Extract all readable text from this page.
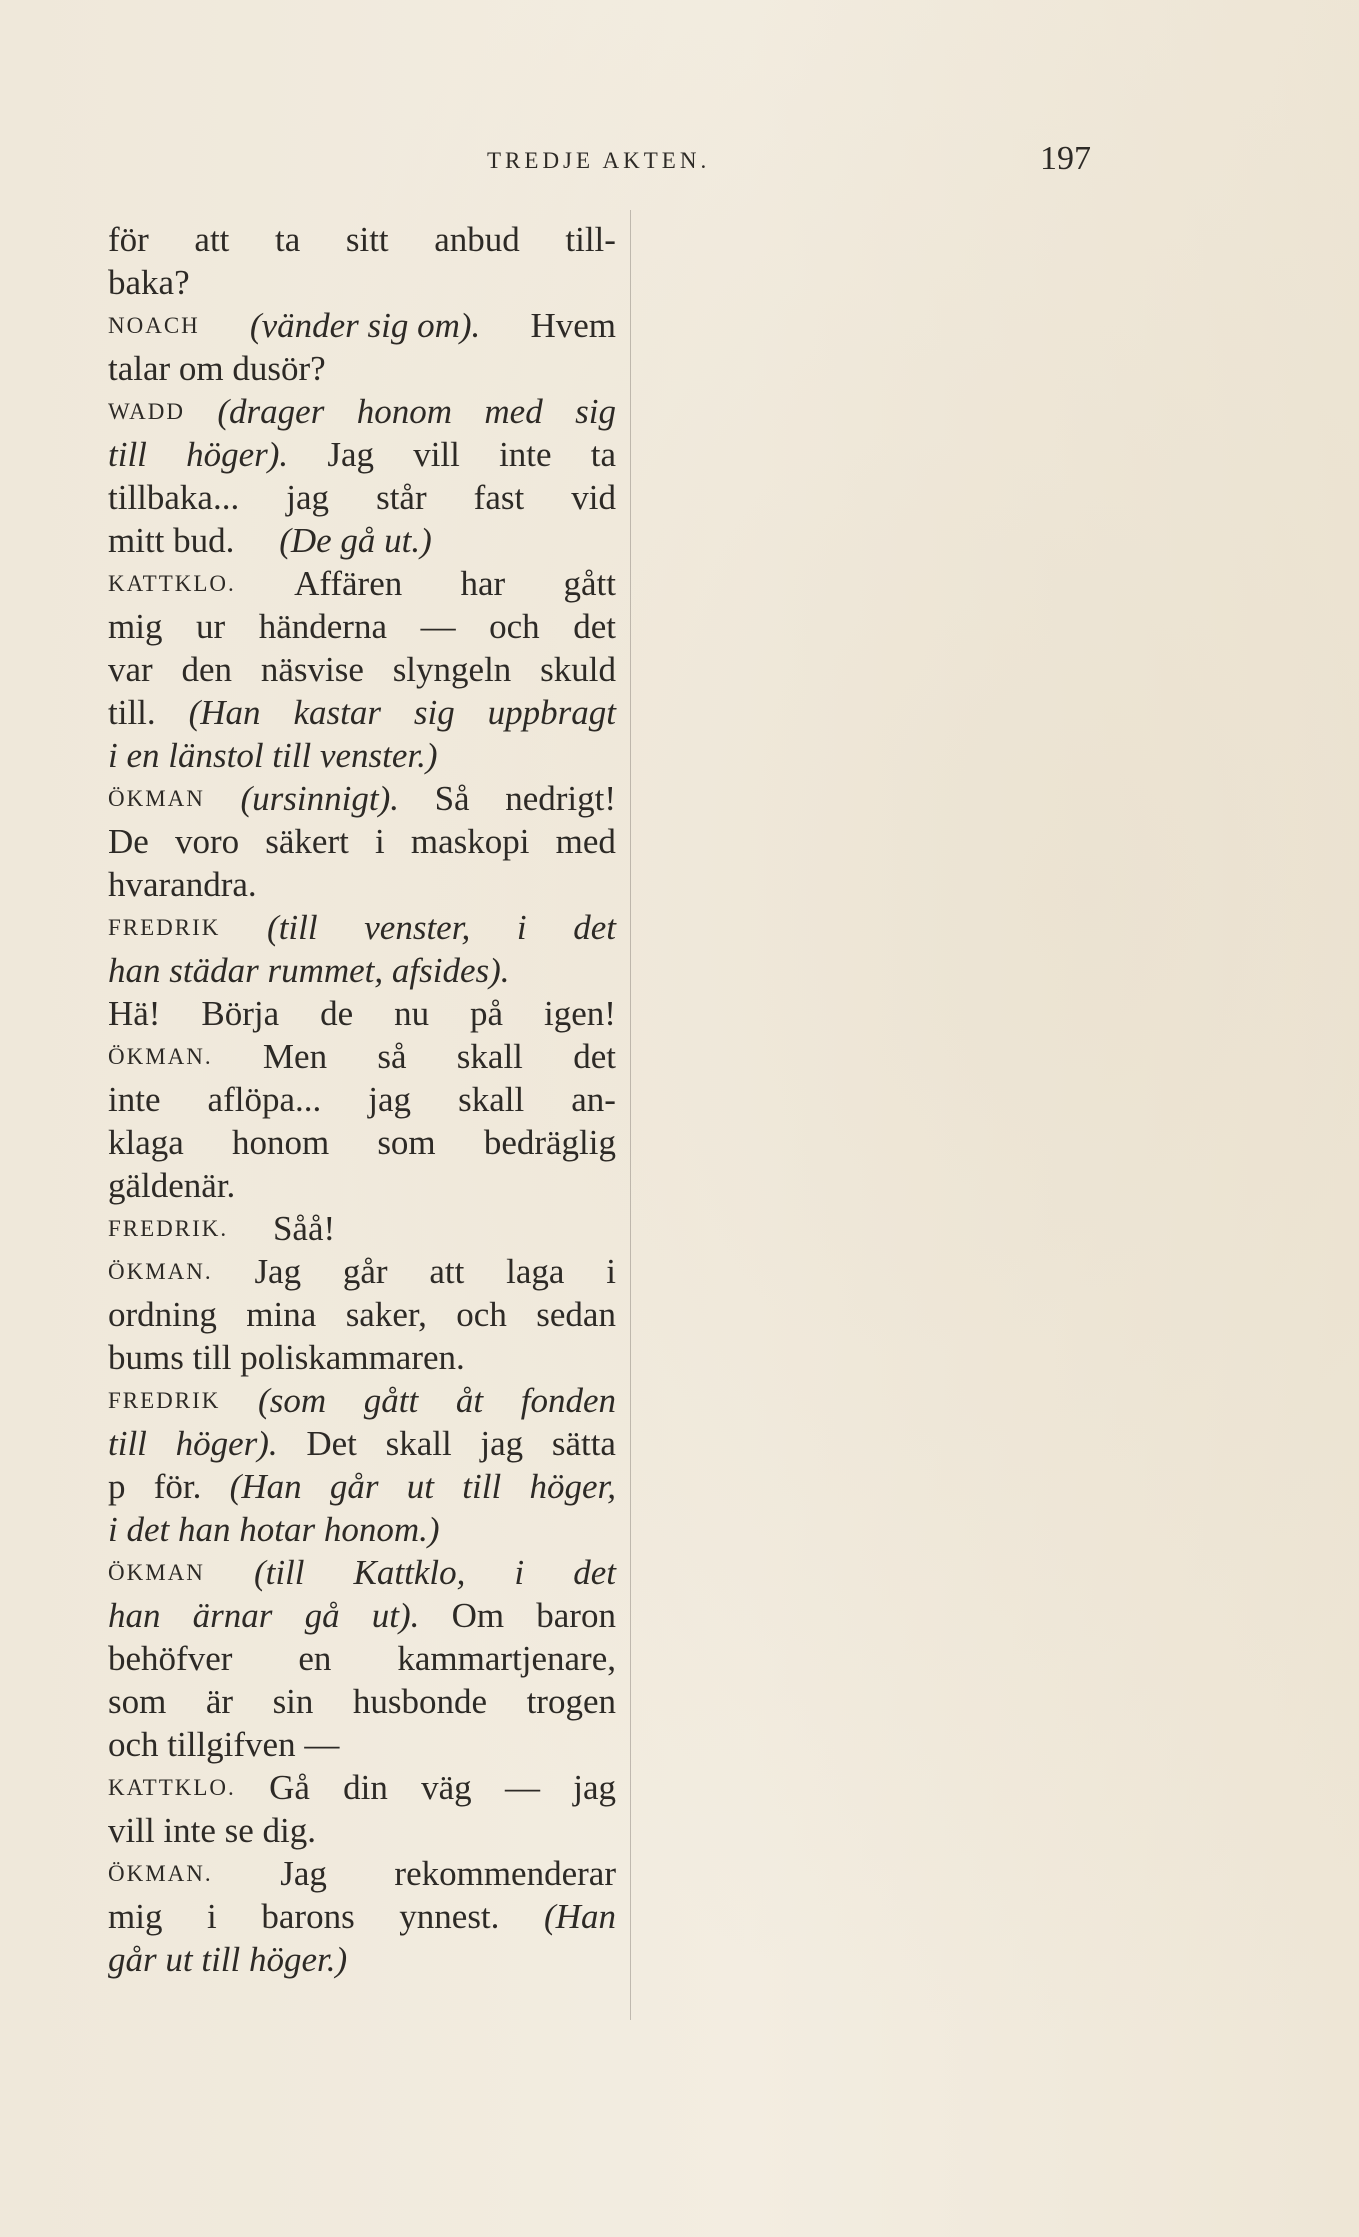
TREDJE AKTEN.	197
för att ta sitt anbud till-
baka?
NOACH (vänder sig om). Hvem
talar om dusör?
WADD (drager honom med sig
till höger). Jag vill inte ta
tillbaka... jag står fast vid
mitt bud.  (De gå ut.)
KATTKLO. Affären har gått
mig ur händerna — och det
var den näsvise slyngeln skuld
till. (Han kastar sig uppbragt
i en länstol till venster.)
ÖKMAN (ursinnigt). Så nedrigt!
De voro säkert i maskopi med
hvarandra.
FREDRIK (till venster, i det
han städar rummet, afsides).
Hä! Börja de nu på igen!
ÖKMAN. Men så skall det
inte aflöpa... jag skall an-
klaga honom som bedräglig
gäldenär.
FREDRIK.  Såå!
ÖKMAN. Jag går att laga i
ordning mina saker, och sedan
bums till poliskammaren.
FREDRIK (som gått åt fonden
till höger). Det skall jag sätta
p för. (Han går ut till höger,
i det han hotar honom.)
ÖKMAN (till Kattklo, i det
han ärnar gå ut). Om baron
behöfver en kammartjenare,
som är sin husbonde trogen
och tillgifven —
KATTKLO. Gå din väg — jag
vill inte se dig.
ÖKMAN. Jag rekommenderar
mig i barons ynnest. (Han
går ut till höger.)
